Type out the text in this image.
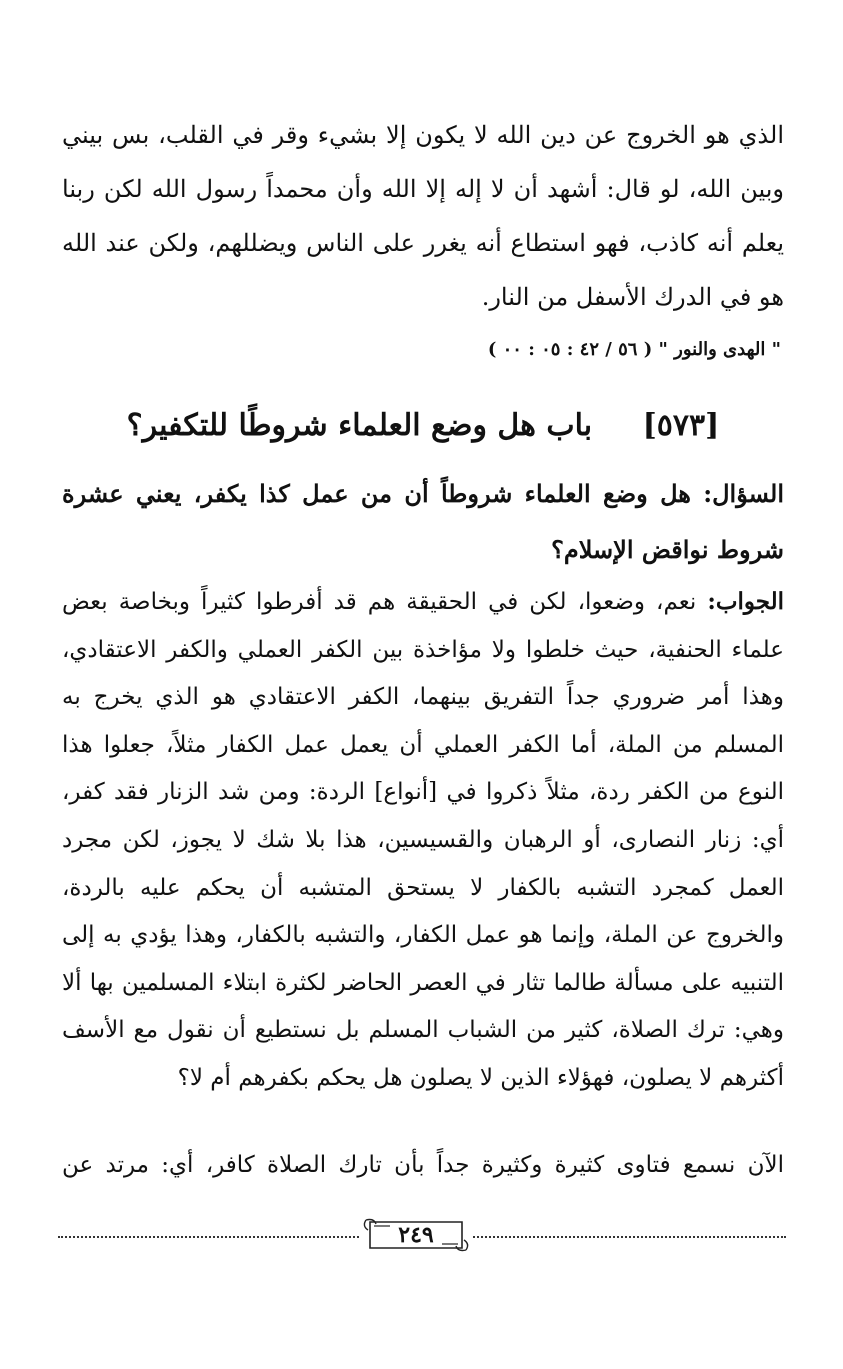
الذي هو الخروج عن دين الله لا يكون إلا بشيء وقر في القلب، بس بيني وبين الله، لو قال: أشهد أن لا إله إلا الله وأن محمداً رسول الله لكن ربنا يعلم أنه كاذب، فهو استطاع أنه يغرر على الناس ويضللهم، ولكن عند الله هو في الدرك الأسفل من النار.
" الهدى والنور " ( ٥٦ / ٤٢ : ٠٥ : ٠٠ )
[٥٧٣] باب هل وضع العلماء شروطًا للتكفير؟
السؤال: هل وضع العلماء شروطاً أن من عمل كذا يكفر، يعني عشرة شروط نواقض الإسلام؟
الجواب: نعم، وضعوا، لكن في الحقيقة هم قد أفرطوا كثيراً وبخاصة بعض علماء الحنفية، حيث خلطوا ولا مؤاخذة بين الكفر العملي والكفر الاعتقادي، وهذا أمر ضروري جداً التفريق بينهما، الكفر الاعتقادي هو الذي يخرج به المسلم من الملة، أما الكفر العملي أن يعمل عمل الكفار مثلاً، جعلوا هذا النوع من الكفر ردة، مثلاً ذكروا في [أنواع] الردة: ومن شد الزنار فقد كفر، أي: زنار النصارى، أو الرهبان والقسيسين، هذا بلا شك لا يجوز، لكن مجرد العمل كمجرد التشبه بالكفار لا يستحق المتشبه أن يحكم عليه بالردة، والخروج عن الملة، وإنما هو عمل الكفار، والتشبه بالكفار، وهذا يؤدي به إلى التنبيه على مسألة طالما تثار في العصر الحاضر لكثرة ابتلاء المسلمين بها ألا وهي: ترك الصلاة، كثير من الشباب المسلم بل نستطيع أن نقول مع الأسف أكثرهم لا يصلون، فهؤلاء الذين لا يصلون هل يحكم بكفرهم أم لا؟
الآن نسمع فتاوى كثيرة وكثيرة جداً بأن تارك الصلاة كافر، أي: مرتد عن
٢٤٩
